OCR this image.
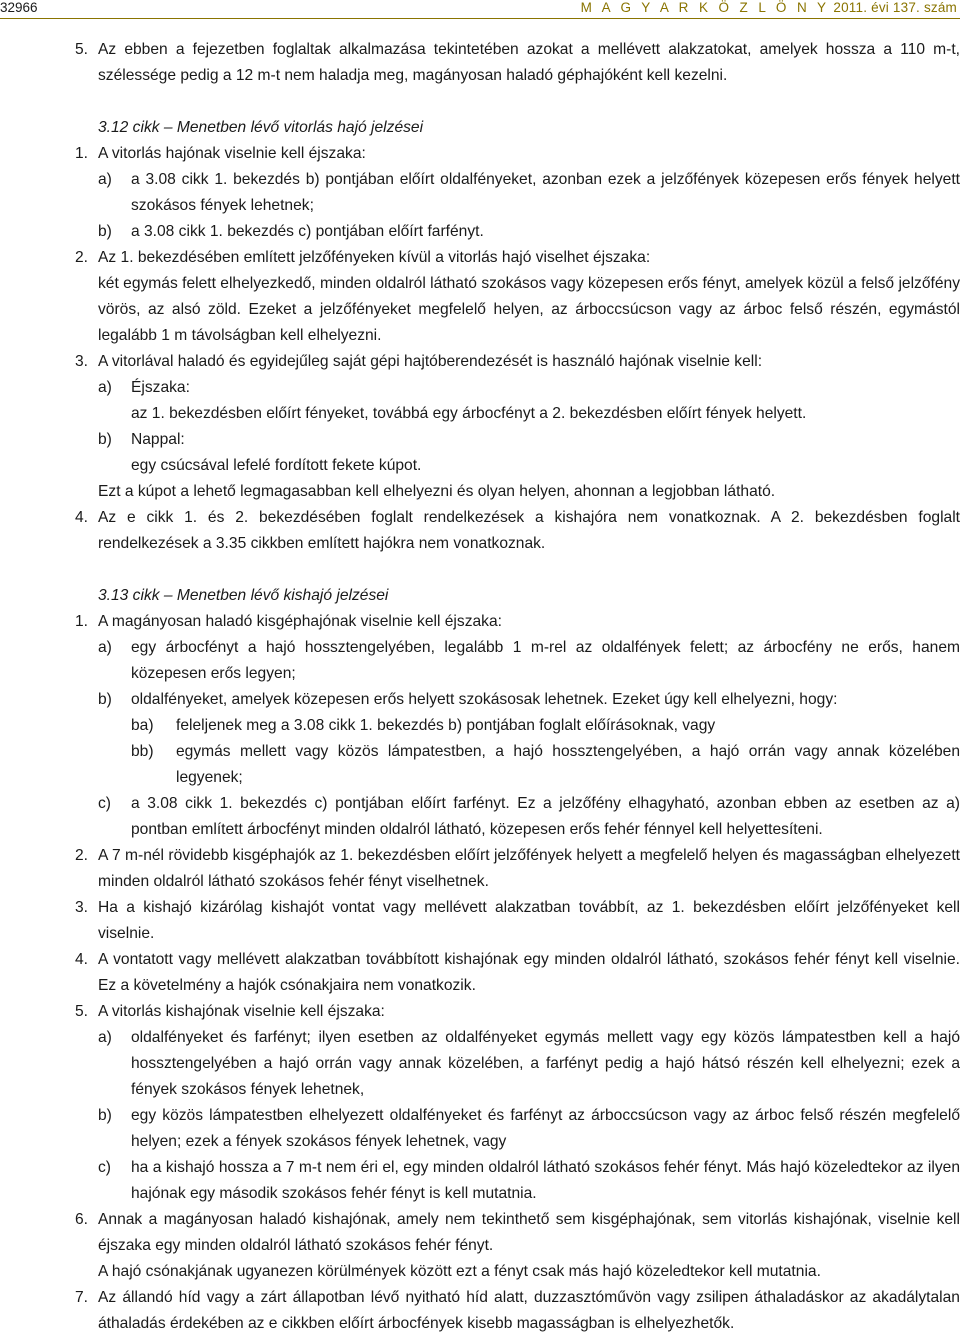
32966	M A G Y A R K Ö Z L Ö N Y 2011. évi 137. szám
5. Az ebben a fejezetben foglaltak alkalmazása tekintetében azokat a mellévett alakzatokat, amelyek hossza a 110 m-t, szélessége pedig a 12 m-t nem haladja meg, magányosan haladó géphajóként kell kezelni.
3.12 cikk – Menetben lévő vitorlás hajó jelzései
1. A vitorlás hajónak viselnie kell éjszaka:
a) a 3.08 cikk 1. bekezdés b) pontjában előírt oldalfényeket, azonban ezek a jelzőfények közepesen erős fények helyett szokásos fények lehetnek;
b) a 3.08 cikk 1. bekezdés c) pontjában előírt farfényt.
2. Az 1. bekezdésében említett jelzőfényeken kívül a vitorlás hajó viselhet éjszaka:
két egymás felett elhelyezkedő, minden oldalról látható szokásos vagy közepesen erős fényt, amelyek közül a felső jelzőfény vörös, az alsó zöld. Ezeket a jelzőfényeket megfelelő helyen, az árboccsúcson vagy az árboc felső részén, egymástól legalább 1 m távolságban kell elhelyezni.
3. A vitorlával haladó és egyidejűleg saját gépi hajtóberendezését is használó hajónak viselnie kell:
a) Éjszaka:
az 1. bekezdésben előírt fényeket, továbbá egy árbocfényt a 2. bekezdésben előírt fények helyett.
b) Nappal:
egy csúcsával lefelé fordított fekete kúpot.
Ezt a kúpot a lehető legmagasabban kell elhelyezni és olyan helyen, ahonnan a legjobban látható.
4. Az e cikk 1. és 2. bekezdésében foglalt rendelkezések a kishajóra nem vonatkoznak. A 2. bekezdésben foglalt rendelkezések a 3.35 cikkben említett hajókra nem vonatkoznak.
3.13 cikk – Menetben lévő kishajó jelzései
1. A magányosan haladó kisgéphajónak viselnie kell éjszaka:
a) egy árbocfényt a hajó hossztengelyében, legalább 1 m-rel az oldalfények felett; az árbocfény ne erős, hanem közepesen erős legyen;
b) oldalfényeket, amelyek közepesen erős helyett szokásosak lehetnek. Ezeket úgy kell elhelyezni, hogy:
ba) feleljenek meg a 3.08 cikk 1. bekezdés b) pontjában foglalt előírásoknak, vagy
bb) egymás mellett vagy közös lámpatestben, a hajó hossztengelyében, a hajó orrán vagy annak közelében legyenek;
c) a 3.08 cikk 1. bekezdés c) pontjában előírt farfényt. Ez a jelzőfény elhagyható, azonban ebben az esetben az a) pontban említett árbocfényt minden oldalról látható, közepesen erős fehér fénnyel kell helyettesíteni.
2. A 7 m-nél rövidebb kisgéphajók az 1. bekezdésben előírt jelzőfények helyett a megfelelő helyen és magasságban elhelyezett minden oldalról látható szokásos fehér fényt viselhetnek.
3. Ha a kishajó kizárólag kishajót vontat vagy mellévett alakzatban továbbít, az 1. bekezdésben előírt jelzőfényeket kell viselnie.
4. A vontatott vagy mellévett alakzatban továbbított kishajónak egy minden oldalról látható, szokásos fehér fényt kell viselnie. Ez a követelmény a hajók csónakjaira nem vonatkozik.
5. A vitorlás kishajónak viselnie kell éjszaka:
a) oldalfényeket és farfényt; ilyen esetben az oldalfényeket egymás mellett vagy egy közös lámpatestben kell a hajó hossztengelyében a hajó orrán vagy annak közelében, a farfényt pedig a hajó hátsó részén kell elhelyezni; ezek a fények szokásos fények lehetnek,
b) egy közös lámpatestben elhelyezett oldalfényeket és farfényt az árboccsúcson vagy az árboc felső részén megfelelő helyen; ezek a fények szokásos fények lehetnek, vagy
c) ha a kishajó hossza a 7 m-t nem éri el, egy minden oldalról látható szokásos fehér fényt. Más hajó közeledtekor az ilyen hajónak egy második szokásos fehér fényt is kell mutatnia.
6. Annak a magányosan haladó kishajónak, amely nem tekinthető sem kisgéphajónak, sem vitorlás kishajónak, viselnie kell éjszaka egy minden oldalról látható szokásos fehér fényt.
A hajó csónakjának ugyanezen körülmények között ezt a fényt csak más hajó közeledtekor kell mutatnia.
7. Az állandó híd vagy a zárt állapotban lévő nyitható híd alatt, duzzasztóművön vagy zsilipen áthaladáskor az akadálytalan áthaladás érdekében az e cikkben előírt árbocfények kisebb magasságban is elhelyezhetők.
